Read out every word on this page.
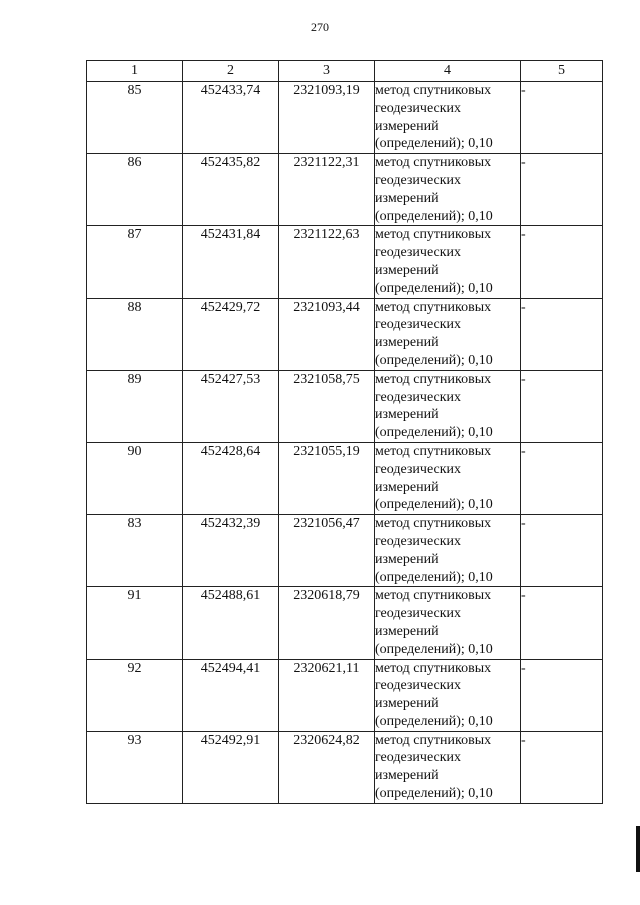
270
1	2	3	4	5
85	452433,74	2321093,19	метод спутниковых
геодезических
измерений
(определений); 0,10	-
86	452435,82	2321122,31	метод спутниковых
геодезических
измерений
(определений); 0,10	-
87	452431,84	2321122,63	метод спутниковых
геодезических
измерений
(определений); 0,10	-
88	452429,72	2321093,44	метод спутниковых
геодезических
измерений
(определений); 0,10	-
89	452427,53	2321058,75	метод спутниковых
геодезических
измерений
(определений); 0,10	-
90	452428,64	2321055,19	метод спутниковых
геодезических
измерений
(определений); 0,10	-
83	452432,39	2321056,47	метод спутниковых
геодезических
измерений
(определений); 0,10	-
91	452488,61	2320618,79	метод спутниковых
геодезических
измерений
(определений); 0,10	-
92	452494,41	2320621,11	метод спутниковых
геодезических
измерений
(определений); 0,10	-
93	452492,91	2320624,82	метод спутниковых
геодезических
измерений
(определений); 0,10	-
